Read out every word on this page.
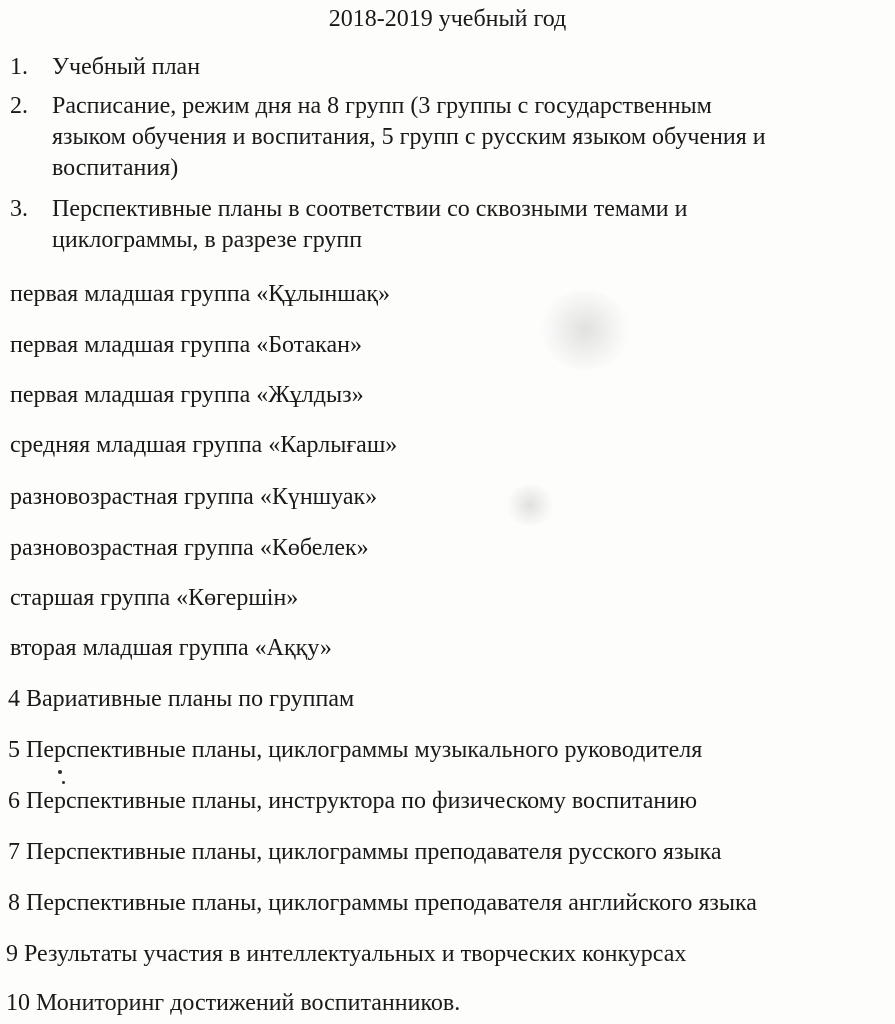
2018-2019 учебный год
1.	Учебный план
2.	Расписание, режим дня на 8 групп (3 группы с государственным
языком обучения и воспитания, 5 групп с русским языком обучения и
воспитания)
3.	Перспективные планы в соответствии со сквозными темами и
циклограммы, в разрезе групп
первая младшая группа «Құлыншақ»
первая младшая группа «Ботакан»
первая младшая группа «Жұлдыз»
средняя младшая группа «Карлығаш»
разновозрастная группа «Күншуак»
разновозрастная группа «Көбелек»
старшая группа «Көгершін»
вторая младшая группа «Аққу»
4 Вариативные планы по группам
5 Перспективные планы, циклограммы музыкального руководителя
6 Перспективные планы, инструктора по физическому воспитанию
7 Перспективные планы, циклограммы преподавателя русского языка
8 Перспективные планы, циклограммы преподавателя английского языка
9 Результаты участия в интеллектуальных и творческих конкурсах
10 Мониторинг достижений воспитанников.
